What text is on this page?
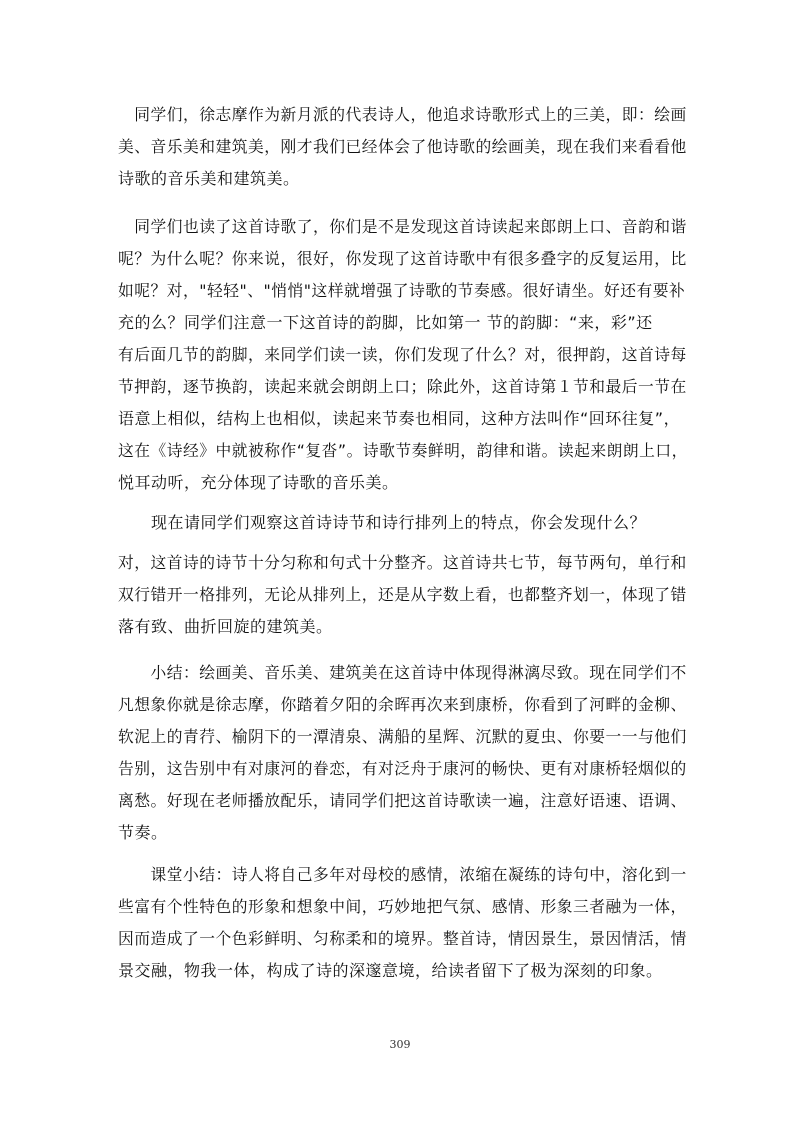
　同学们，徐志摩作为新月派的代表诗人，他追求诗歌形式上的三美，即：绘画
美、音乐美和建筑美，刚才我们已经体会了他诗歌的绘画美，现在我们来看看他
诗歌的音乐美和建筑美。
　同学们也读了这首诗歌了，你们是不是发现这首诗读起来郎朗上口、音韵和谐
呢？为什么呢？你来说，很好，你发现了这首诗歌中有很多叠字的反复运用，比
如呢？对，"轻轻"、"悄悄"这样就增强了诗歌的节奏感。很好请坐。好还有要补
充的么？同学们注意一下这首诗的韵脚，比如第一 节的韵脚：“来，彩”还
有后面几节的韵脚，来同学们读一读，你们发现了什么？对，很押韵，这首诗每
节押韵，逐节换韵，读起来就会朗朗上口；除此外，这首诗第１节和最后一节在
语意上相似，结构上也相似，读起来节奏也相同，这种方法叫作“回环往复”，
这在《诗经》中就被称作“复沓”。诗歌节奏鲜明，韵律和谐。读起来朗朗上口，
悦耳动听，充分体现了诗歌的音乐美。
　　现在请同学们观察这首诗诗节和诗行排列上的特点，你会发现什么？
对，这首诗的诗节十分匀称和句式十分整齐。这首诗共七节，每节两句，单行和
双行错开一格排列，无论从排列上，还是从字数上看，也都整齐划一，体现了错
落有致、曲折回旋的建筑美。
　　小结：绘画美、音乐美、建筑美在这首诗中体现得淋漓尽致。现在同学们不
凡想象你就是徐志摩，你踏着夕阳的余晖再次来到康桥，你看到了河畔的金柳、
软泥上的青荇、榆阴下的一潭清泉、满船的星辉、沉默的夏虫、你要一一与他们
告别，这告别中有对康河的眷恋，有对泛舟于康河的畅快、更有对康桥轻烟似的
离愁。好现在老师播放配乐，请同学们把这首诗歌读一遍，注意好语速、语调、
节奏。
　　课堂小结：诗人将自己多年对母校的感情，浓缩在凝练的诗句中，溶化到一
些富有个性特色的形象和想象中间，巧妙地把气氛、感情、形象三者融为一体，
因而造成了一个色彩鲜明、匀称柔和的境界。整首诗，情因景生，景因情活，情
景交融，物我一体，构成了诗的深邃意境，给读者留下了极为深刻的印象。
309
